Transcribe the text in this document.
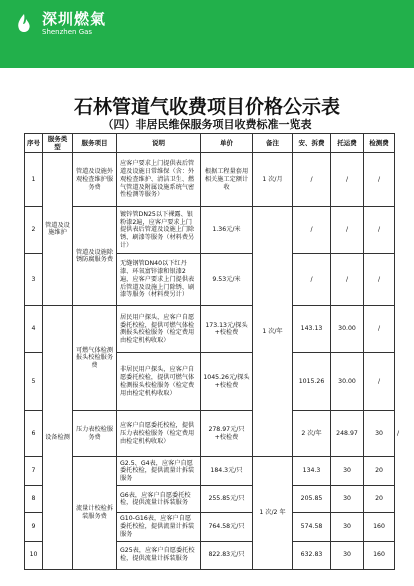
深圳燃氣
Shenzhen Gas
石林管道气收费项目价格公示表
（四）非居民维保服务项目收费标准一览表
序号	服务类型	服务项目	说明	单价	备注	安、拆费	托运费	检测费	
1	管道及设施维护	管道及设施外观检查维护服务费	应客户要求上门提供表后管道及设施日常维保（含：外观检查维护、清洁卫生、燃气管道及附属设施系统气密性检测等服务）	根据工程量套用相关施工定额计收	1 次/月	/	/	/	
2		管道及设施除锈防腐服务费	镀锌管DN25以下裸露、银粉漆2遍，应客户要求上门提供表后管道及设施上门除锈、刷漆等服务（材料费另计）	1.36元/米	1 次/年	/	/	/	
3			无缝钢管DN40以下红丹漆、环氧富锌漆和银漆2遍，应客户要求上门提供表后管道及设施上门除锈、刷漆等服务（材料费另计）	9.53元/米		/	/	/	
4	设备检测	可燃气体检测报头校检服务费	居民用户探头，应客户自愿委托校检，提供可燃气体检测报头校检服务（检定费用由检定机构收取）	173.13元/探头+校检费		143.13	30.00	/	
5			非居民用户探头，应客户自愿委托校检，提供可燃气体检测报头校检服务（检定费用由检定机构收取）	1045.26元/探头+校检费		1015.26	30.00	/	
6		压力表校检服务费	应客户自愿委托校检，提供压力表校检服务（检定费用由检定机构收取）	278.97元/只+校检费		2 次/年	248.97	30	/
7		流量计校检拆装服务费	G2.5、G4表，应客户自愿委托校检，提供流量计拆装服务	184.3元/只	1 次/2 年	134.3	30	20	
8			G6表，应客户自愿委托校检，提供流量计拆装服务	255.85元/只		205.85	30	20	
9			G10-G16表，应客户自愿委托校检，提供流量计拆装服务	764.58元/只		574.58	30	160	
10			G25表，应客户自愿委托校检，提供流量计拆装服务	822.83元/只		632.83	30	160	
